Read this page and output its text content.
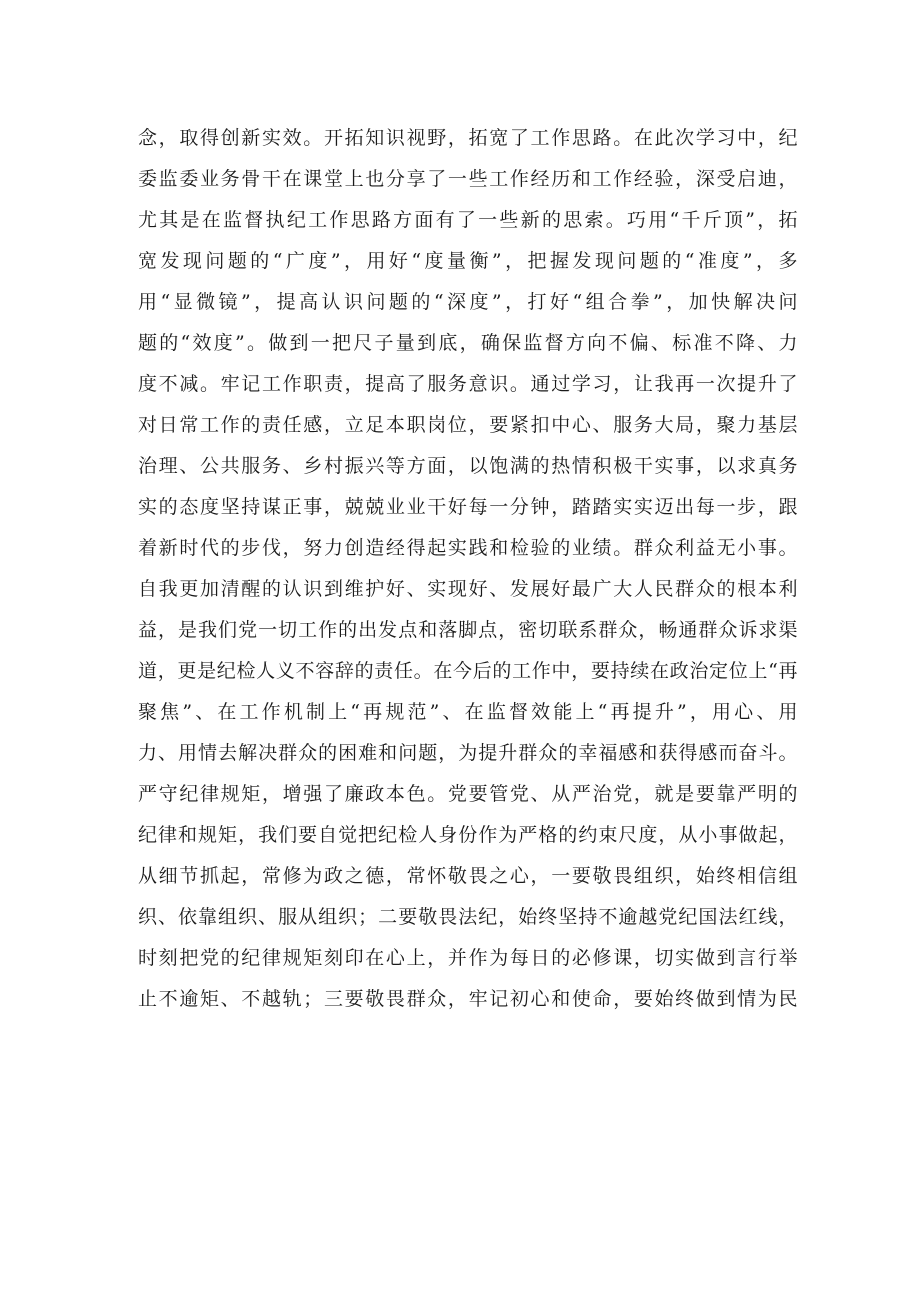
念，取得创新实效。开拓知识视野，拓宽了工作思路。在此次学习中，纪
委监委业务骨干在课堂上也分享了一些工作经历和工作经验，深受启迪，
尤其是在监督执纪工作思路方面有了一些新的思索。巧用“千斤顶”，拓
宽发现问题的“广度”，用好“度量衡”，把握发现问题的“准度”，多
用“显微镜”，提高认识问题的“深度”，打好“组合拳”，加快解决问
题的“效度”。做到一把尺子量到底，确保监督方向不偏、标准不降、力
度不减。牢记工作职责，提高了服务意识。通过学习，让我再一次提升了
对日常工作的责任感，立足本职岗位，要紧扣中心、服务大局，聚力基层
治理、公共服务、乡村振兴等方面，以饱满的热情积极干实事，以求真务
实的态度坚持谋正事，兢兢业业干好每一分钟，踏踏实实迈出每一步，跟
着新时代的步伐，努力创造经得起实践和检验的业绩。群众利益无小事。
自我更加清醒的认识到维护好、实现好、发展好最广大人民群众的根本利
益，是我们党一切工作的出发点和落脚点，密切联系群众，畅通群众诉求渠
道，更是纪检人义不容辞的责任。在今后的工作中，要持续在政治定位上“再
聚焦”、在工作机制上“再规范”、在监督效能上“再提升”，用心、用
力、用情去解决群众的困难和问题，为提升群众的幸福感和获得感而奋斗。
严守纪律规矩，增强了廉政本色。党要管党、从严治党，就是要靠严明的
纪律和规矩，我们要自觉把纪检人身份作为严格的约束尺度，从小事做起，
从细节抓起，常修为政之德，常怀敬畏之心，一要敬畏组织，始终相信组
织、依靠组织、服从组织；二要敬畏法纪，始终坚持不逾越党纪国法红线，
时刻把党的纪律规矩刻印在心上，并作为每日的必修课，切实做到言行举
止不逾矩、不越轨；三要敬畏群众，牢记初心和使命，要始终做到情为民
